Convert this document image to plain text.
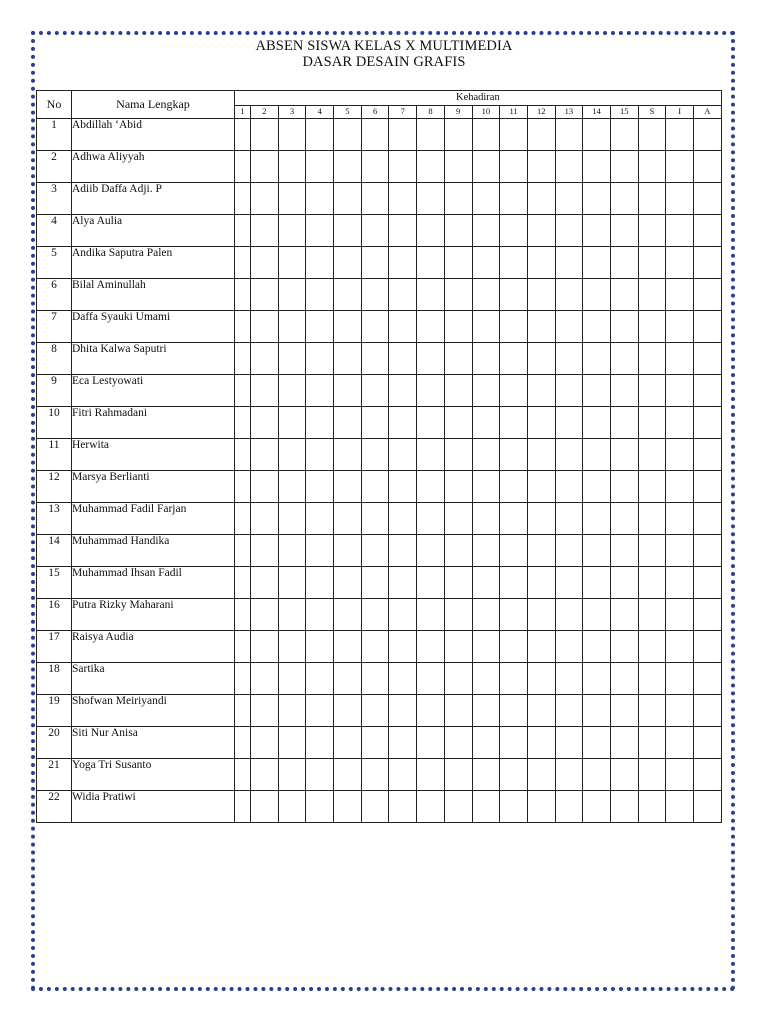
ABSEN SISWA KELAS X MULTIMEDIA
DASAR DESAIN GRAFIS
No	Nama Lengkap	Kehadiran																	
		1	2	3	4	5	6	7	8	9	10	11	12	13	14	15	S	I	A
1	Abdillah ‘Abid																		
2	Adhwa Aliyyah																		
3	Adiib Daffa Adji. P																		
4	Alya Aulia																		
5	Andika Saputra Palen																		
6	Bilal Aminullah																		
7	Daffa Syauki Umami																		
8	Dhita Kalwa Saputri																		
9	Eca Lestyowati																		
10	Fitri Rahmadani																		
11	Herwita																		
12	Marsya Berlianti																		
13	Muhammad Fadil Farjan																		
14	Muhammad Handika																		
15	Muhammad Ihsan Fadil																		
16	Putra Rizky Maharani																		
17	Raisya Audia																		
18	Sartika																		
19	Shofwan Meiriyandi																		
20	Siti Nur Anisa																		
21	Yoga Tri Susanto																		
22	Widia Pratiwi																		
